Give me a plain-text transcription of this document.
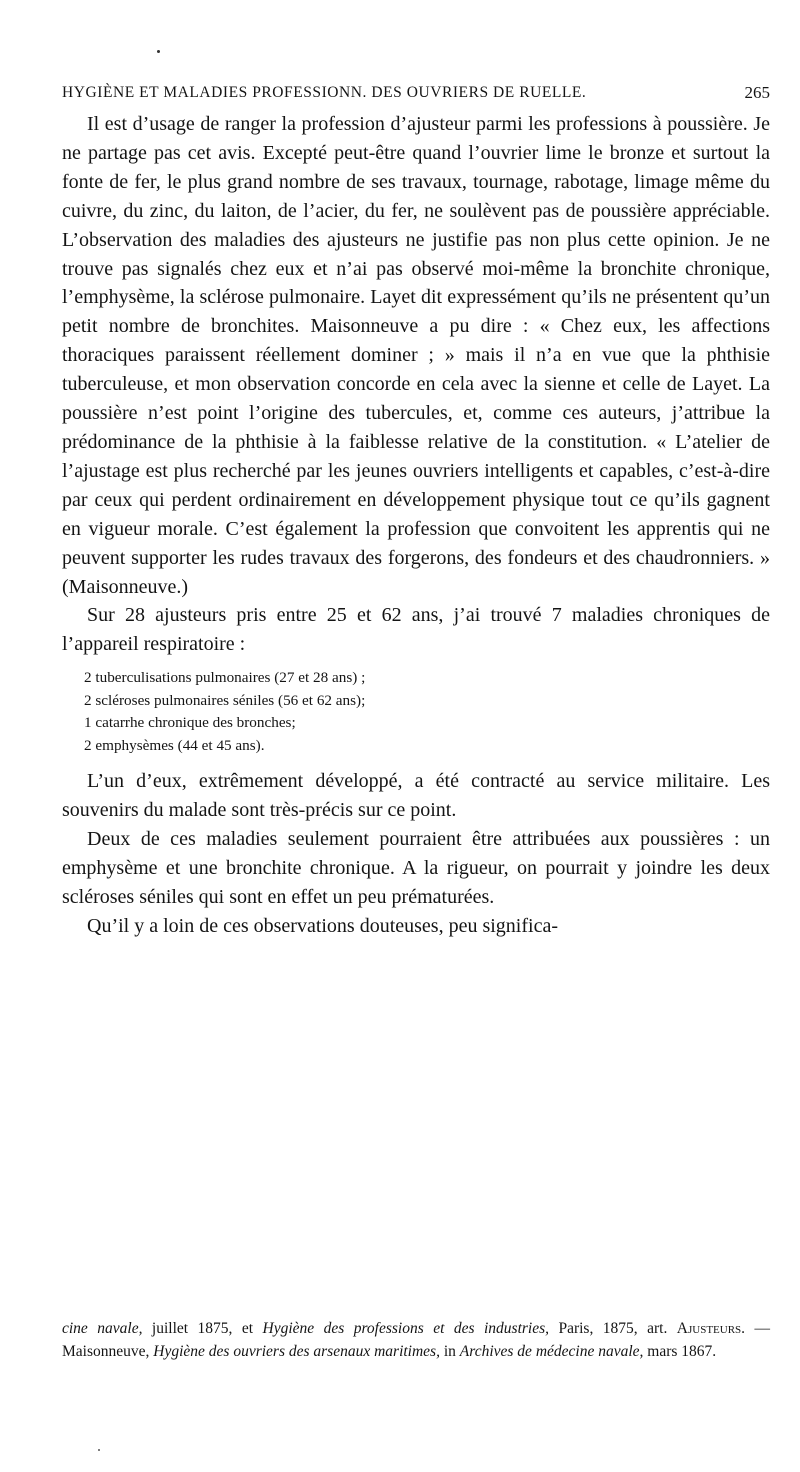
HYGIÈNE ET MALADIES PROFESSIONN. DES OUVRIERS DE RUELLE.	265

Il est d’usage de ranger la profession d’ajusteur parmi les professions à poussière. Je ne partage pas cet avis. Excepté peut-être quand l’ouvrier lime le bronze et surtout la fonte de fer, le plus grand nombre de ses travaux, tournage, rabotage, limage même du cuivre, du zinc, du laiton, de l’acier, du fer, ne soulèvent pas de poussière appréciable. L’observation des maladies des ajusteurs ne justifie pas non plus cette opinion. Je ne trouve pas signalés chez eux et n’ai pas observé moi-même la bronchite chronique, l’emphysème, la sclérose pulmonaire. Layet dit expressément qu’ils ne présentent qu’un petit nombre de bronchites. Maisonneuve a pu dire : « Chez eux, les affections thoraciques paraissent réellement dominer ; » mais il n’a en vue que la phthisie tuberculeuse, et mon observation concorde en cela avec la sienne et celle de Layet. La poussière n’est point l’origine des tubercules, et, comme ces auteurs, j’attribue la prédominance de la phthisie à la faiblesse relative de la constitution. « L’atelier de l’ajustage est plus recherché par les jeunes ouvriers intelligents et capables, c’est-à-dire par ceux qui perdent ordinairement en développement physique tout ce qu’ils gagnent en vigueur morale. C’est également la profession que convoitent les apprentis qui ne peuvent supporter les rudes travaux des forgerons, des fondeurs et des chaudronniers. » (Maisonneuve.)

Sur 28 ajusteurs pris entre 25 et 62 ans, j’ai trouvé 7 maladies chroniques de l’appareil respiratoire :

2 tuberculisations pulmonaires (27 et 28 ans) ;
2 scléroses pulmonaires séniles (56 et 62 ans);
1 catarrhe chronique des bronches;
2 emphysèmes (44 et 45 ans).

L’un d’eux, extrêmement développé, a été contracté au service militaire. Les souvenirs du malade sont très-précis sur ce point.

Deux de ces maladies seulement pourraient être attribuées aux poussières : un emphysème et une bronchite chronique. A la rigueur, on pourrait y joindre les deux scléroses séniles qui sont en effet un peu prématurées.

Qu’il y a loin de ces observations douteuses, peu significa-

cine navale, juillet 1875, et Hygiène des professions et des industries, Paris, 1875, art. Ajusteurs. — Maisonneuve, Hygiène des ouvriers des arsenaux maritimes, in Archives de médecine navale, mars 1867.
